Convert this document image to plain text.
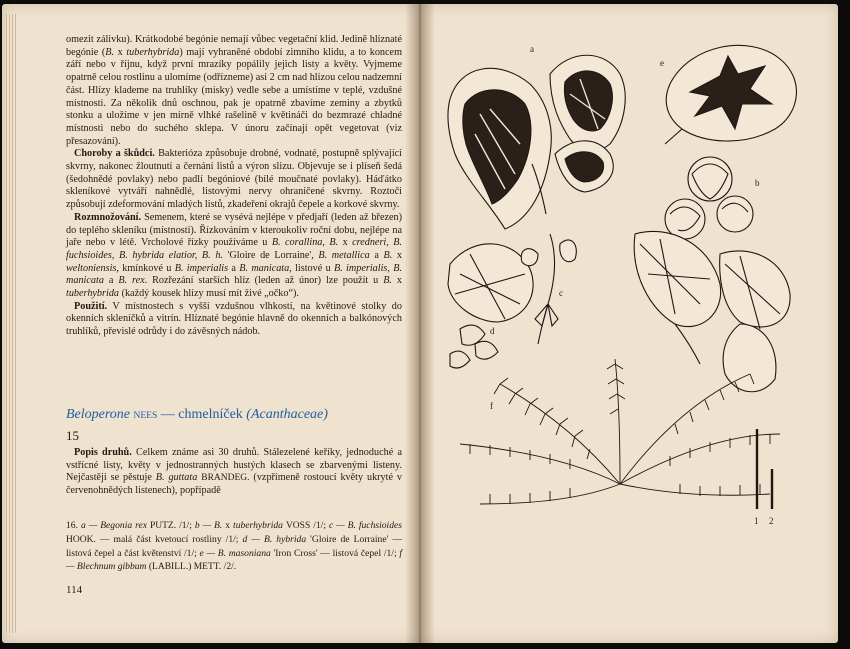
omezit zálivku). Krátkodobé begónie nemají vůbec vegetační klid. Jedině hlíznaté begónie (B. x tuberhybrida) mají vyhraněné období zimního klidu, a to koncem září nebo v říjnu, když první mrazíky popálily jejich listy a květy. Vyjmeme opatrně celou rostlinu a ulomíme (odřízneme) asi 2 cm nad hlízou celou nadzemní část. Hlízy klademe na truhlíky (misky) vedle sebe a umístíme v teplé, vzdušné místnosti. Za několik dnů oschnou, pak je opatrně zbavíme zeminy a zbytků stonku a uložíme v jen mírně vlhké rašelině v květináči do bezmrazé chladné místnosti nebo do suchého sklepa. V únoru začínají opět vegetovat (viz přesazování).

Choroby a škůdci. Bakterióza způsobuje drobné, vodnaté, postupně splývající skvrny, nakonec žloutnutí a černání listů a výron slizu. Objevuje se i plíseň šedá (šedohnědé povlaky) nebo padlí begóniové (bílé moučnaté povlaky). Háďátko skleníkové vytváří nahnědlé, listovými nervy ohraničené skvrny. Roztoči způsobují zdeformování mladých listů, zkadeření okrajů čepele a korkové skvrny.

Rozmnožování. Semenem, které se vysévá nejlépe v předjaří (leden až březen) do teplého skleníku (místnosti). Řízkováním v kteroukoliv roční dobu, nejlépe na jaře nebo v létě. Vrcholové řízky používáme u B. corallina, B. x credneri, B. fuchsioides, B. hybrida elatior, B. h. 'Gloire de Lorraine', B. metallica a B. x weltoniensis, kmínkové u B. imperialis a B. manicata, listové u B. imperialis, B. manicata a B. rex. Rozřezání starších hlíz (leden až únor) lze použít u B. x tuberhybrida (každý kousek hlízy musí mít živé „očko“).

Použití. V místnostech s vyšší vzdušnou vlhkostí, na květinové stolky do okenních skleníčků a vitrín. Hlíznaté begónie hlavně do okenních a balkónových truhlíků, převislé odrůdy i do závěsných nádob.

Beloperone NEES — chmelníček (Acanthaceae)
15

Popis druhů. Celkem známe asi 30 druhů. Stálezelené keříky, jednoduché a vstřícné listy, květy v jednostranných hustých klasech se zbarvenými listeny. Nejčastěji se pěstuje B. guttata BRANDEG. (vzpřímeně rostoucí květy ukryté v červenohnědých listenech), popřípadě

16. a — Begonia rex PUTZ. /1/; b — B. x tuberhybrida VOSS /1/; c — B. fuchsioides HOOK. — malá část kvetoucí rostliny /1/; d — B. hybrida 'Gloire de Lorraine' — listová čepel a část květenství /1/; e — B. masoniana 'Iron Cross' — listová čepel /1/; f — Blechnum gibbum (LABILL.) METT. /2/.
114
a
e
b
c
d
f
1 2
